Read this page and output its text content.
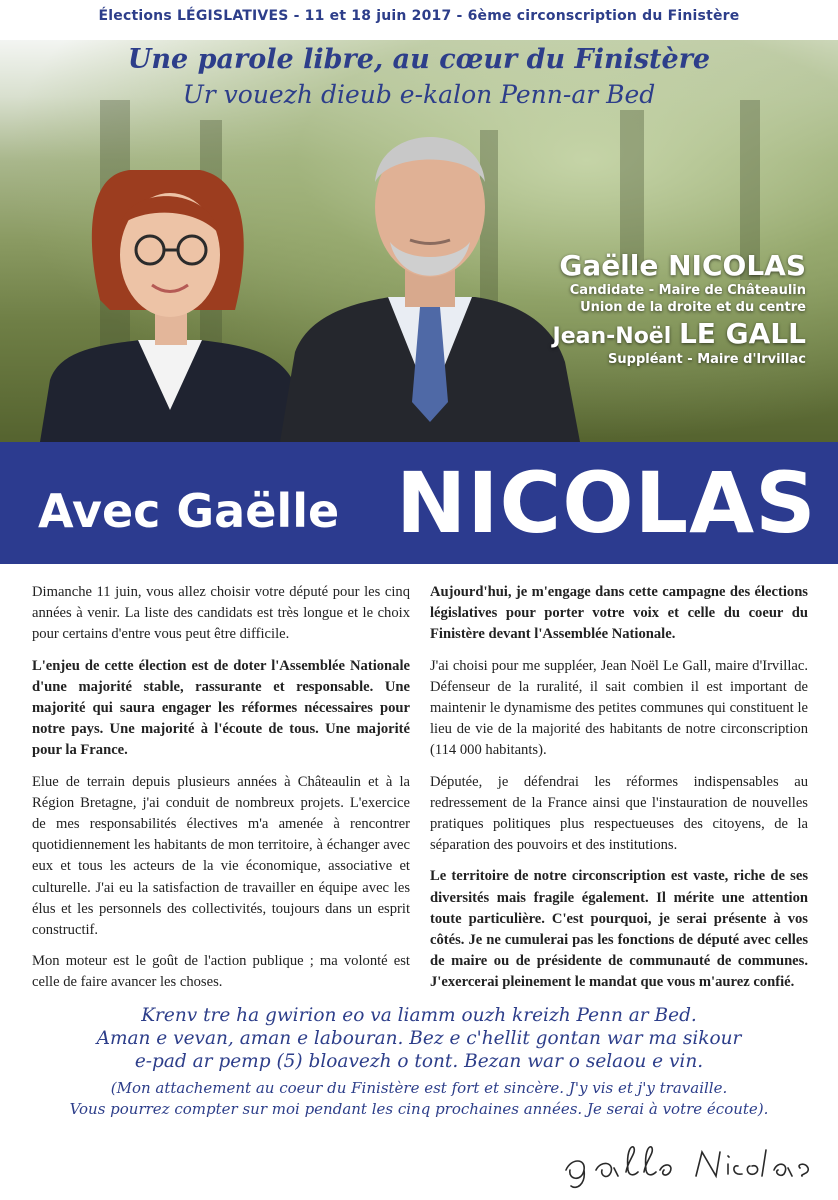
Élections LÉGISLATIVES - 11 et 18 juin 2017 - 6ème circonscription du Finistère
Une parole libre, au cœur du Finistère
Ur vouezh dieub e-kalon Penn-ar Bed
Gaëlle NICOLAS
Candidate - Maire de Châteaulin
Union de la droite et du centre
Jean-Noël LE GALL
Suppléant - Maire d'Irvillac
Avec Gaëlle NICOLAS

Dimanche 11 juin, vous allez choisir votre député pour les cinq années à venir. La liste des candidats est très longue et le choix pour certains d'entre vous peut être difficile.

L'enjeu de cette élection est de doter l'Assemblée Nationale d'une majorité stable, rassurante et responsable. Une majorité qui saura engager les réformes nécessaires pour notre pays. Une majorité à l'écoute de tous. Une majorité pour la France.

Elue de terrain depuis plusieurs années à Châteaulin et à la Région Bretagne, j'ai conduit de nombreux projets. L'exercice de mes responsabilités électives m'a amenée à rencontrer quotidiennement les habitants de mon territoire, à échanger avec eux et tous les acteurs de la vie économique, associative et culturelle. J'ai eu la satisfaction de travailler en équipe avec les élus et les personnels des collectivités, toujours dans un esprit constructif.

Mon moteur est le goût de l'action publique ; ma volonté est celle de faire avancer les choses.

Aujourd'hui, je m'engage dans cette campagne des élections législatives pour porter votre voix et celle du coeur du Finistère devant l'Assemblée Nationale.

J'ai choisi pour me suppléer, Jean Noël Le Gall, maire d'Irvillac. Défenseur de la ruralité, il sait combien il est important de maintenir le dynamisme des petites communes qui constituent le lieu de vie de la majorité des habitants de notre circonscription (114 000 habitants).

Députée, je défendrai les réformes indispensables au redressement de la France ainsi que l'instauration de nouvelles pratiques politiques plus respectueuses des citoyens, de la séparation des pouvoirs et des institutions.

Le territoire de notre circonscription est vaste, riche de ses diversités mais fragile également. Il mérite une attention toute particulière. C'est pourquoi, je serai présente à vos côtés. Je ne cumulerai pas les fonctions de député avec celles de maire ou de présidente de communauté de communes. J'exercerai pleinement le mandat que vous m'aurez confié.

Krenv tre ha gwirion eo va liamm ouzh kreizh Penn ar Bed.
Aman e vevan, aman e labouran. Bez e c'hellit gontan war ma sikour
e-pad ar pemp (5) bloavezh o tont. Bezan war o selaou e vin.
(Mon attachement au coeur du Finistère est fort et sincère. J'y vis et j'y travaille.
Vous pourrez compter sur moi pendant les cinq prochaines années. Je serai à votre écoute).
